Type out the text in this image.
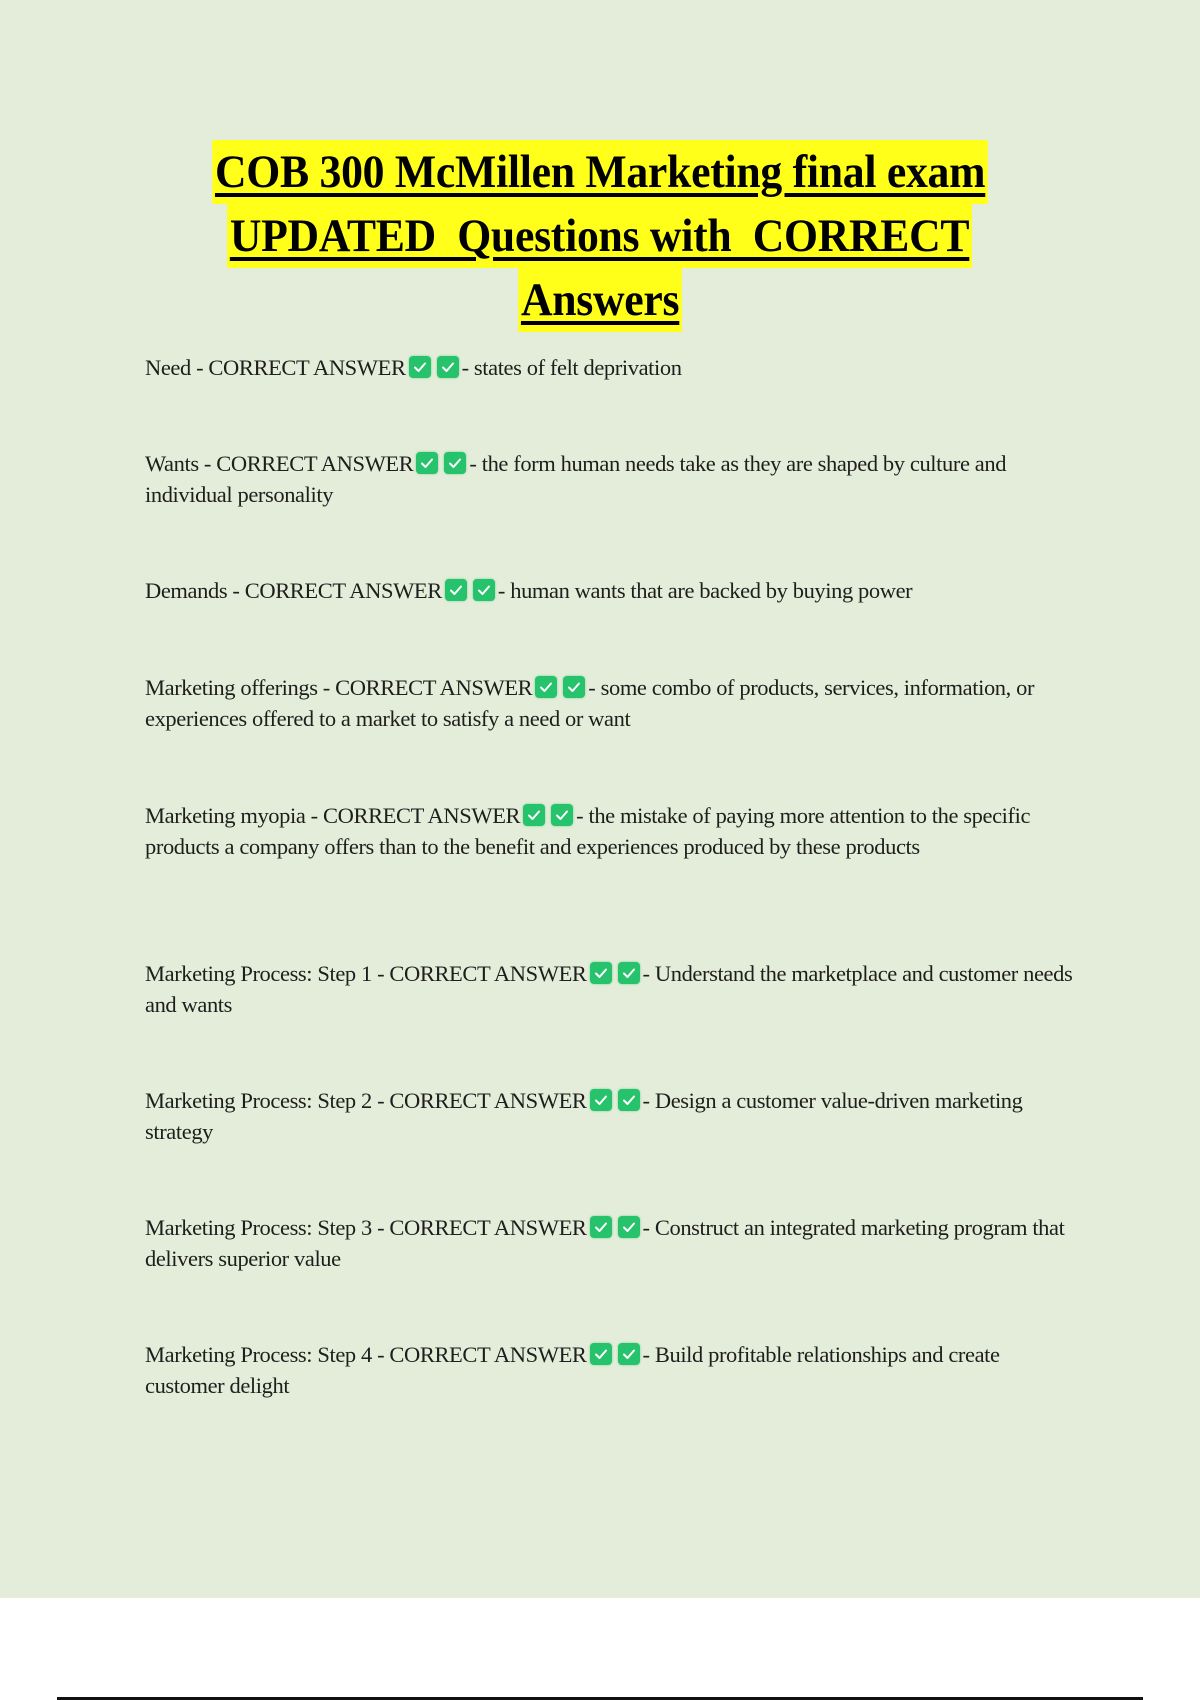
COB 300 McMillen Marketing final exam
UPDATED  Questions with  CORRECT
Answers
Need - CORRECT ANSWER - states of felt deprivation
Wants - CORRECT ANSWER - the form human needs take as they are shaped by culture and individual personality
Demands - CORRECT ANSWER - human wants that are backed by buying power
Marketing offerings - CORRECT ANSWER - some combo of products, services, information, or experiences offered to a market to satisfy a need or want
Marketing myopia - CORRECT ANSWER - the mistake of paying more attention to the specific products a company offers than to the benefit and experiences produced by these products
Marketing Process: Step 1 - CORRECT ANSWER - Understand the marketplace and customer needs and wants
Marketing Process: Step 2 - CORRECT ANSWER - Design a customer value-driven marketing strategy
Marketing Process: Step 3 - CORRECT ANSWER - Construct an integrated marketing program that delivers superior value
Marketing Process: Step 4 - CORRECT ANSWER - Build profitable relationships and create customer delight
